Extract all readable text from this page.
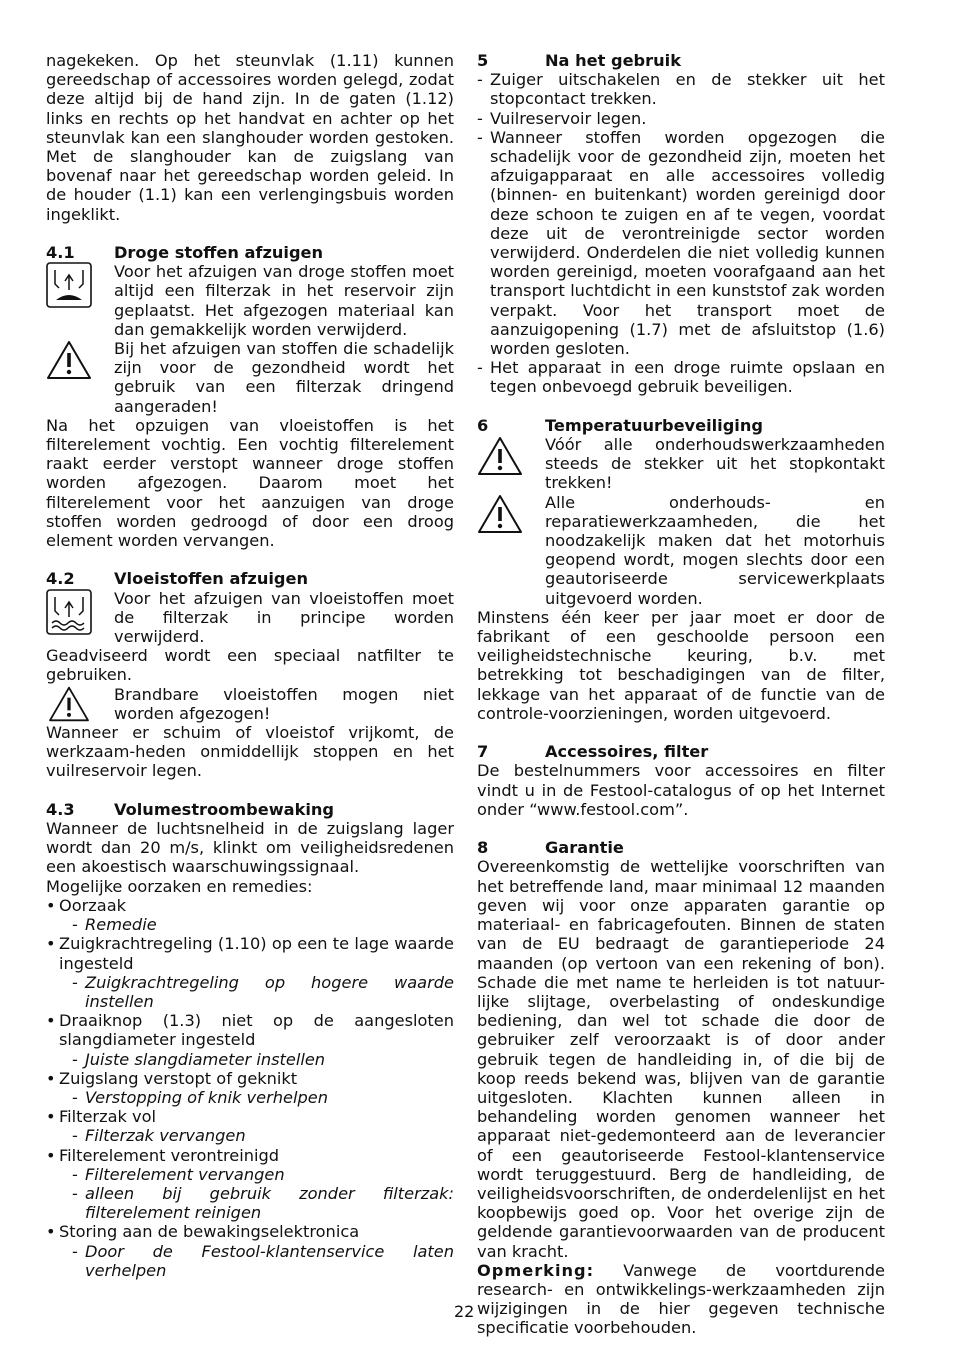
nagekeken. Op het steunvlak (1.11) kunnen gereedschap of accessoires worden gelegd, zodat deze altijd bij de hand zijn. In de gaten (1.12) links en rechts op het handvat en achter op het steunvlak kan een slanghouder worden gestoken. Met de slanghouder kan de zuigslang van bovenaf naar het gereedschap worden geleid. In de houder (1.1) kan een verlengingsbuis worden ingeklikt.

4.1	Droge stoffen afzuigen
Voor het afzuigen van droge stoffen moet altijd een filterzak in het reservoir zijn geplaatst. Het afgezogen materiaal kan dan gemakkelijk worden verwijderd.
Bij het afzuigen van stoffen die schadelijk zijn voor de gezondheid wordt het gebruik van een filterzak dringend aangeraden!

Na het opzuigen van vloeistoffen is het filterelement vochtig. Een vochtig filterelement raakt eerder verstopt wanneer droge stoffen worden afgezogen. Daarom moet het filterelement voor het aanzuigen van droge stoffen worden gedroogd of door een droog element worden vervangen.

4.2	Vloeistoffen afzuigen
Voor het afzuigen van vloeistoffen moet de filterzak in principe worden verwijderd.

Geadviseerd wordt een speciaal natfilter te gebruiken.

Brandbare vloeistoffen mogen niet worden afgezogen!

Wanneer er schuim of vloeistof vrijkomt, de werkzaam-heden onmiddellijk stoppen en het vuilreservoir legen.

4.3	Volumestroombewaking

Wanneer de luchtsnelheid in de zuigslang lager wordt dan 20 m/s, klinkt om veiligheidsredenen een akoestisch waarschuwingssignaal.

Mogelijke oorzaken en remedies:

• Oorzaak
- Remedie
• Zuigkrachtregeling (1.10) op een te lage waarde ingesteld
- Zuigkrachtregeling op hogere waarde instellen
• Draaiknop (1.3) niet op de aangesloten slangdiameter ingesteld
- Juiste slangdiameter instellen
• Zuigslang verstopt of geknikt
- Verstopping of knik verhelpen
• Filterzak vol
- Filterzak vervangen
• Filterelement verontreinigd
- Filterelement vervangen
- alleen bij gebruik zonder filterzak: filterelement reinigen
• Storing aan de bewakingselektronica
- Door de Festool-klantenservice laten verhelpen
5	Na het gebruik
- Zuiger uitschakelen en de stekker uit het stopcontact trekken.
- Vuilreservoir legen.
- Wanneer stoffen worden opgezogen die schadelijk voor de gezondheid zijn, moeten het afzuigapparaat en alle accessoires volledig (binnen- en buitenkant) worden gereinigd door deze schoon te zuigen en af te vegen, voordat deze uit de verontreinigde sector worden verwijderd. Onderdelen die niet volledig kunnen worden gereinigd, moeten voorafgaand aan het transport luchtdicht in een kunststof zak worden verpakt. Voor het transport moet de aanzuigopening (1.7) met de afsluitstop (1.6) worden gesloten.
- Het apparaat in een droge ruimte opslaan en tegen onbevoegd gebruik beveiligen.
6	Temperatuurbeveiliging
Vóór alle onderhoudswerkzaamheden steeds de stekker uit het stopkontakt trekken!
Alle onderhouds- en reparatiewerkzaamheden, die het noodzakelijk maken dat het motorhuis geopend wordt, mogen slechts door een geautoriseerde servicewerkplaats uitgevoerd worden.

Minstens één keer per jaar moet er door de fabrikant of een geschoolde persoon een veiligheidstechnische keuring, b.v. met betrekking tot beschadigingen van de filter, lekkage van het apparaat of de functie van de controle-voorzieningen, worden uitgevoerd.

7	Accessoires, filter

De bestelnummers voor accessoires en filter vindt u in de Festool-catalogus of op het Internet onder “www.festool.com”.

8	Garantie

Overeenkomstig de wettelijke voorschriften van het betreffende land, maar minimaal 12 maanden geven wij voor onze apparaten garantie op materiaal- en fabricagefouten. Binnen de staten van de EU bedraagt de garantieperiode 24 maanden (op vertoon van een rekening of bon). Schade die met name te herleiden is tot natuur-lijke slijtage, overbelasting of ondeskundige bediening, dan wel tot schade die door de gebruiker zelf veroorzaakt is of door ander gebruik tegen de handleiding in, of die bij de koop reeds bekend was, blijven van de garantie uitgesloten. Klachten kunnen alleen in behandeling worden genomen wanneer het apparaat niet-gedemonteerd aan de leverancier of een geautoriseerde Festool-klantenservice wordt teruggestuurd. Berg de handleiding, de veiligheidsvoorschriften, de onderdelenlijst en het koopbewijs goed op. Voor het overige zijn de geldende garantievoorwaarden van de producent van kracht.

Opmerking: Vanwege de voortdurende research- en ontwikkelings-werkzaamheden zijn wijzigingen in de hier gegeven technische specificatie voorbehouden.

22
